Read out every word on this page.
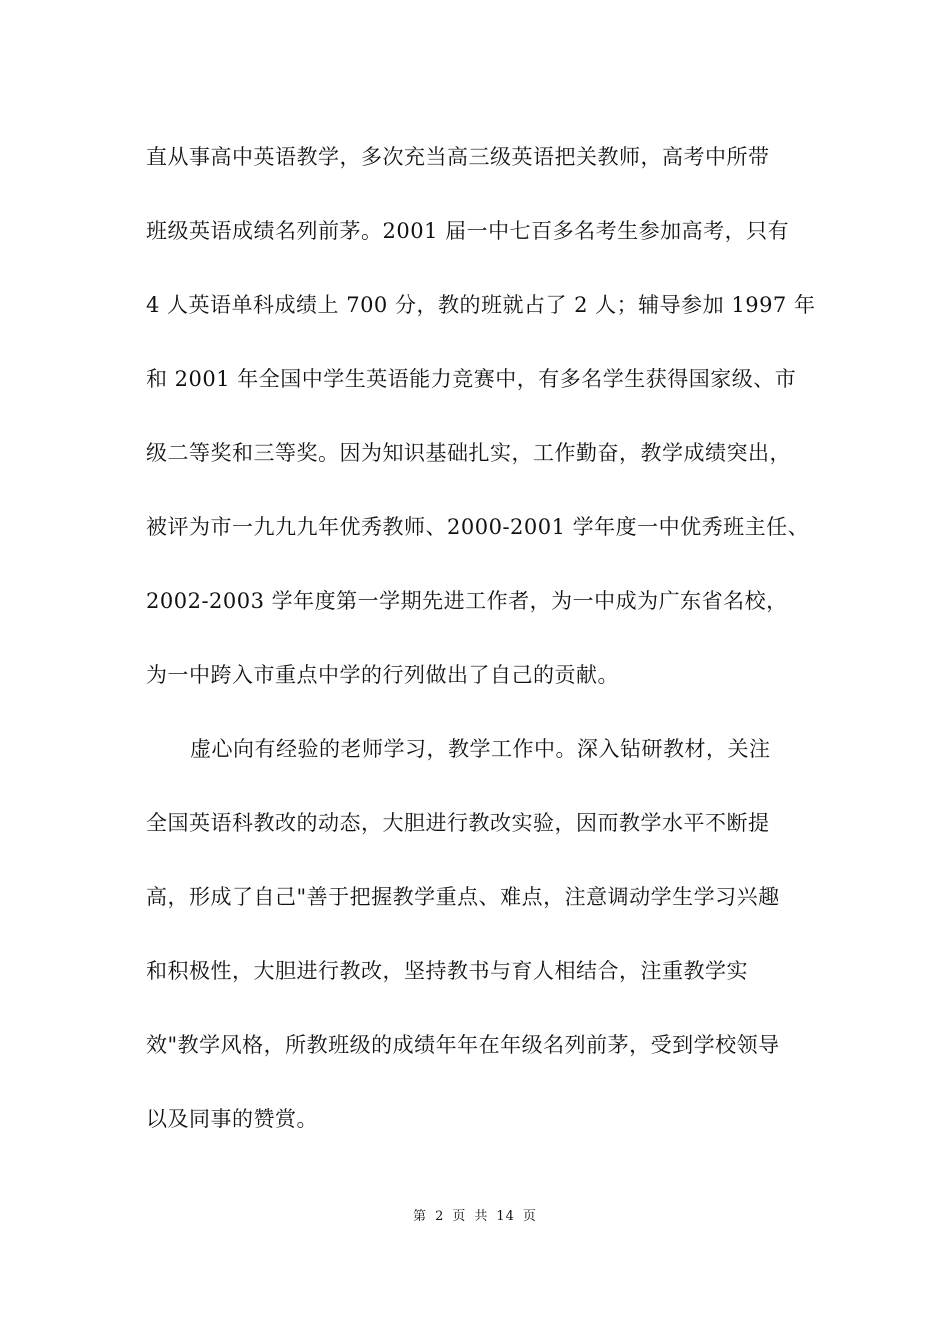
直从事高中英语教学，多次充当高三级英语把关教师，高考中所带
班级英语成绩名列前茅。2001 届一中七百多名考生参加高考，只有
4 人英语单科成绩上 700 分，教的班就占了 2 人；辅导参加 1997 年
和 2001 年全国中学生英语能力竞赛中，有多名学生获得国家级、市
级二等奖和三等奖。因为知识基础扎实，工作勤奋，教学成绩突出，
被评为市一九九九年优秀教师、2000-2001 学年度一中优秀班主任、
2002-2003 学年度第一学期先进工作者，为一中成为广东省名校，
为一中跨入市重点中学的行列做出了自己的贡献。
虚心向有经验的老师学习，教学工作中。深入钻研教材，关注
全国英语科教改的动态，大胆进行教改实验，因而教学水平不断提
高，形成了自己"善于把握教学重点、难点，注意调动学生学习兴趣
和积极性，大胆进行教改，坚持教书与育人相结合，注重教学实
效"教学风格，所教班级的成绩年年在年级名列前茅，受到学校领导
以及同事的赞赏。
第 2 页 共 14 页
